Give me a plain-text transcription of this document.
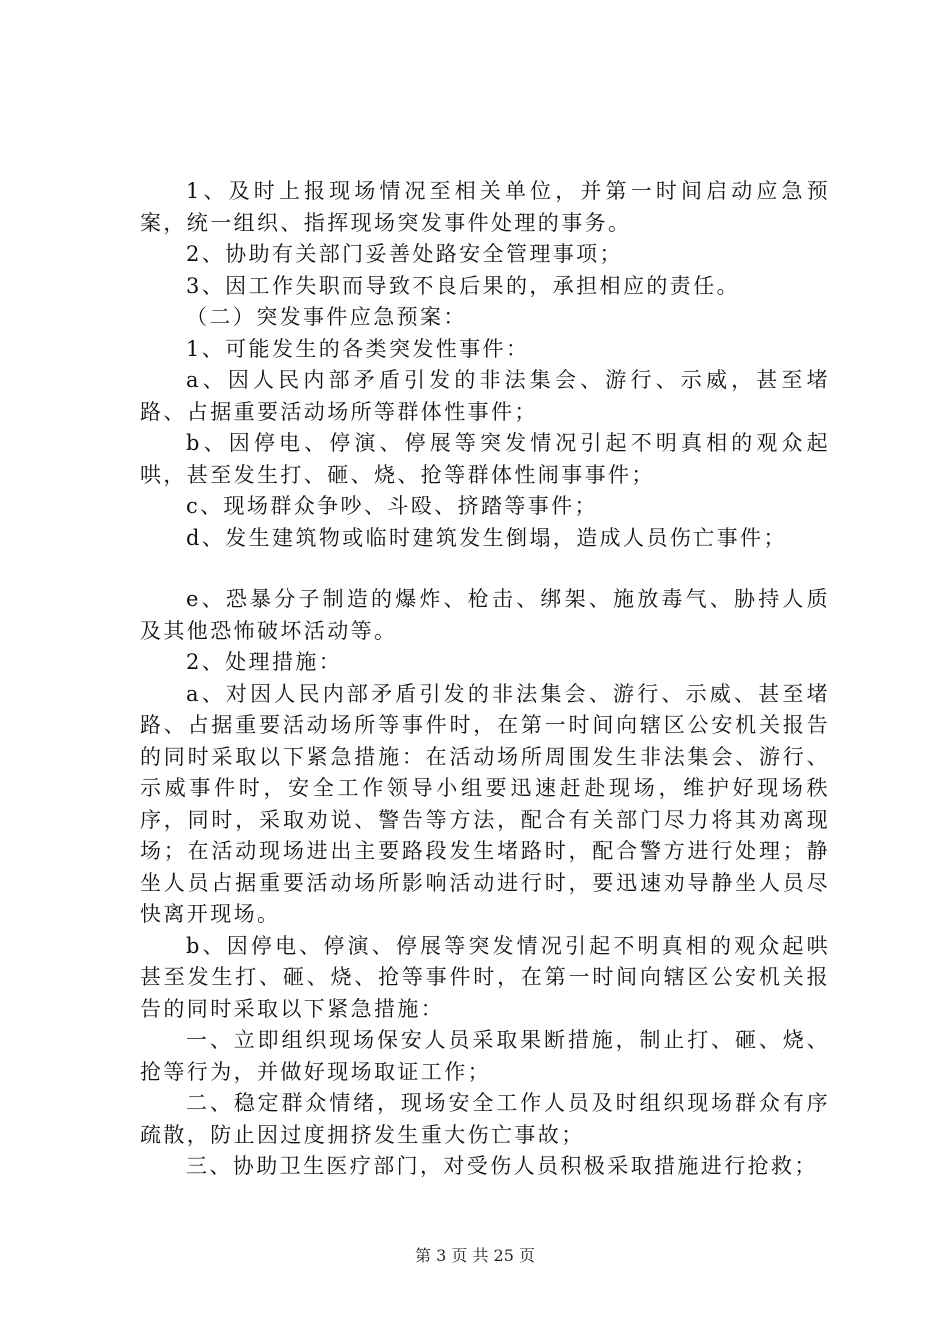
1、及时上报现场情况至相关单位，并第一时间启动应急预案，统一组织、指挥现场突发事件处理的事务。

2、协助有关部门妥善处路安全管理事项；

3、因工作失职而导致不良后果的，承担相应的责任。

（二）突发事件应急预案：

1、可能发生的各类突发性事件：

a、因人民内部矛盾引发的非法集会、游行、示威，甚至堵路、占据重要活动场所等群体性事件；

b、因停电、停演、停展等突发情况引起不明真相的观众起哄，甚至发生打、砸、烧、抢等群体性闹事事件；

c、现场群众争吵、斗殴、挤踏等事件；

d、发生建筑物或临时建筑发生倒塌，造成人员伤亡事件；

e、恐暴分子制造的爆炸、枪击、绑架、施放毒气、胁持人质及其他恐怖破坏活动等。

2、处理措施：

a、对因人民内部矛盾引发的非法集会、游行、示威、甚至堵路、占据重要活动场所等事件时，在第一时间向辖区公安机关报告的同时采取以下紧急措施：在活动场所周围发生非法集会、游行、示威事件时，安全工作领导小组要迅速赶赴现场，维护好现场秩序，同时，采取劝说、警告等方法，配合有关部门尽力将其劝离现场；在活动现场进出主要路段发生堵路时，配合警方进行处理；静坐人员占据重要活动场所影响活动进行时，要迅速劝导静坐人员尽快离开现场。

b、因停电、停演、停展等突发情况引起不明真相的观众起哄甚至发生打、砸、烧、抢等事件时，在第一时间向辖区公安机关报告的同时采取以下紧急措施：

一、立即组织现场保安人员采取果断措施，制止打、砸、烧、抢等行为，并做好现场取证工作；

二、稳定群众情绪，现场安全工作人员及时组织现场群众有序疏散，防止因过度拥挤发生重大伤亡事故；

三、协助卫生医疗部门，对受伤人员积极采取措施进行抢救；

第 3 页 共 25 页
